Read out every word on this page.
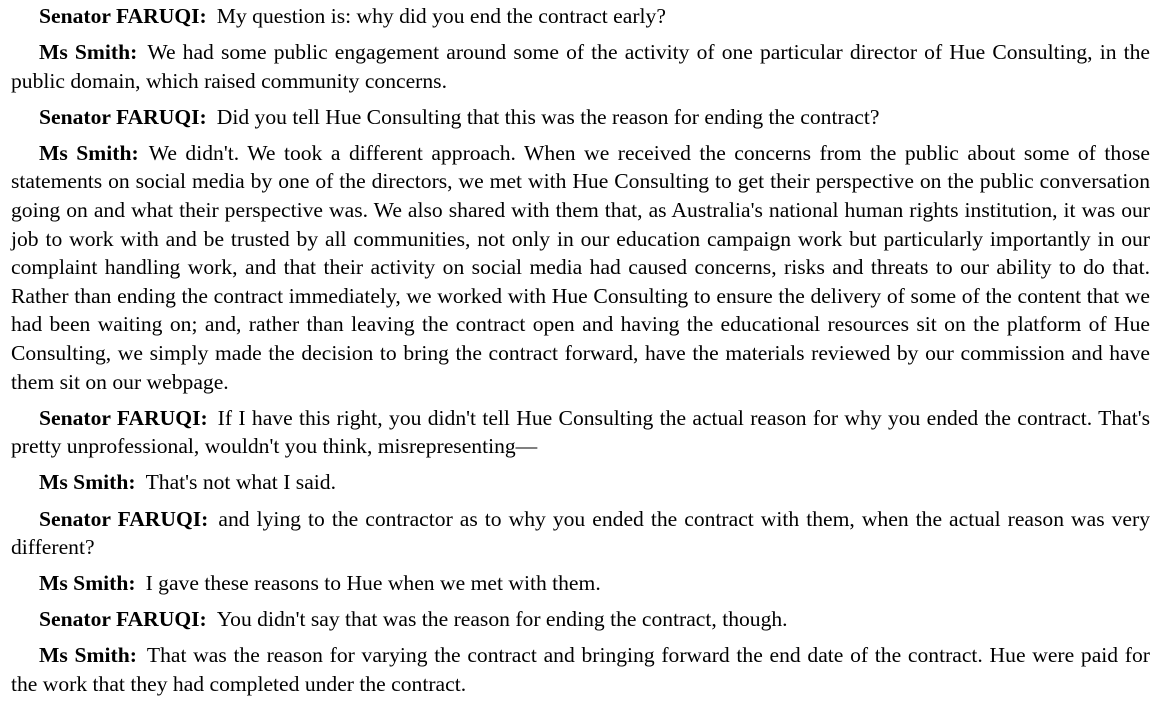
Senator FARUQI: My question is: why did you end the contract early?

Ms Smith: We had some public engagement around some of the activity of one particular director of Hue Consulting, in the public domain, which raised community concerns.

Senator FARUQI: Did you tell Hue Consulting that this was the reason for ending the contract?

Ms Smith: We didn't. We took a different approach. When we received the concerns from the public about some of those statements on social media by one of the directors, we met with Hue Consulting to get their perspective on the public conversation going on and what their perspective was. We also shared with them that, as Australia's national human rights institution, it was our job to work with and be trusted by all communities, not only in our education campaign work but particularly importantly in our complaint handling work, and that their activity on social media had caused concerns, risks and threats to our ability to do that. Rather than ending the contract immediately, we worked with Hue Consulting to ensure the delivery of some of the content that we had been waiting on; and, rather than leaving the contract open and having the educational resources sit on the platform of Hue Consulting, we simply made the decision to bring the contract forward, have the materials reviewed by our commission and have them sit on our webpage.

Senator FARUQI: If I have this right, you didn't tell Hue Consulting the actual reason for why you ended the contract. That's pretty unprofessional, wouldn't you think, misrepresenting—

Ms Smith: That's not what I said.

Senator FARUQI: and lying to the contractor as to why you ended the contract with them, when the actual reason was very different?

Ms Smith: I gave these reasons to Hue when we met with them.

Senator FARUQI: You didn't say that was the reason for ending the contract, though.

Ms Smith: That was the reason for varying the contract and bringing forward the end date of the contract. Hue were paid for the work that they had completed under the contract.
